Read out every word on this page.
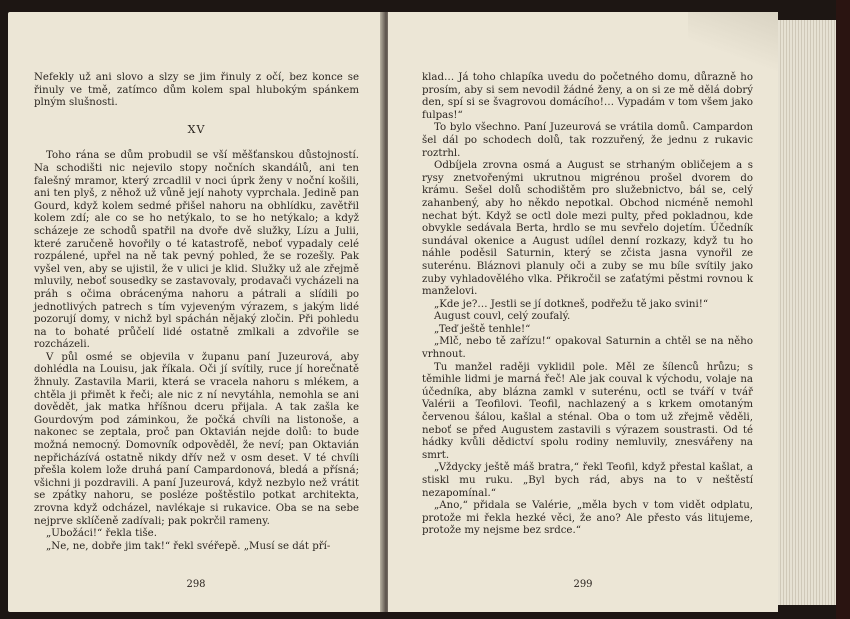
Nefekly už ani slovo a slzy se jim řinuly z očí, bez konce se řinuly ve tmě, zatímco dům kolem spal hlubokým spánkem plným slušnosti.

XV

Toho rána se dům probudil se vší měšťanskou důstojností. Na schodišti nic nejevilo stopy nočních skandálů, ani ten falešný mramor, který zrcadlil v noci úprk ženy v noční košili, ani ten plyš, z něhož už vůně její nahoty vyprchala. Jedině pan Gourd, když kolem sedmé přišel nahoru na obhlídku, zavětřil kolem zdí; ale co se ho netýkalo, to se ho netýkalo; a když scházeje ze schodů spatřil na dvoře dvě služky, Lízu a Julii, které zaručeně hovořily o té katastrofě, neboť vypadaly celé rozpálené, upřel na ně tak pevný pohled, že se rozešly. Pak vyšel ven, aby se ujistil, že v ulici je klid. Služky už ale zřejmě mluvily, neboť sousedky se zastavovaly, prodavači vycházeli na práh s očima obrácenýma nahoru a pátrali a slídili po jednotlivých patrech s tím vyjeveným výrazem, s jakým lidé pozorují domy, v nichž byl spáchán nějaký zločin. Při pohledu na to bohaté průčelí lidé ostatně zmlkali a zdvořile se rozcházeli.

V půl osmé se objevila v županu paní Juzeurová, aby dohlédla na Louisu, jak říkala. Oči jí svítily, ruce jí horečnatě žhnuly. Zastavila Marii, která se vracela nahoru s mlékem, a chtěla ji přimět k řeči; ale nic z ní nevytáhla, nemohla se ani dovědět, jak matka hříšnou dceru přijala. A tak zašla ke Gourdovým pod záminkou, že počká chvíli na listonoše, a nakonec se zeptala, proč pan Oktavián nejde dolů: to bude možná nemocný. Domovník odpověděl, že neví; pan Oktavián nepřicházívá ostatně nikdy dřív než v osm deset. V té chvíli přešla kolem lože druhá paní Campardonová, bledá a přísná; všichni ji pozdravili. A paní Juzeurová, když nezbylo než vrátit se zpátky nahoru, se posléze poštěstilo potkat architekta, zrovna když odcházel, navlékaje si rukavice. Oba se na sebe nejprve sklíčeně zadívali; pak pokrčil rameny.

„Ubožáci!“ řekla tiše.

„Ne, ne, dobře jim tak!“ řekl svéřepě. „Musí se dát pří-

298

klad… Já toho chlapíka uvedu do početného domu, důrazně ho prosím, aby si sem nevodil žádné ženy, a on si ze mě dělá dobrý den, spí si se švagrovou domácího!… Vypadám v tom všem jako fulpas!“

To bylo všechno. Paní Juzeurová se vrátila domů. Campardon šel dál po schodech dolů, tak rozzuřený, že jednu z rukavic roztrhl.

Odbíjela zrovna osmá a August se strhaným obličejem a s rysy znetvořenými ukrutnou migrénou prošel dvorem do krámu. Sešel dolů schodištěm pro služebnictvo, bál se, celý zahanbený, aby ho někdo nepotkal. Obchod nicméně nemohl nechat být. Když se octl dole mezi pulty, před pokladnou, kde obvykle sedávala Berta, hrdlo se mu sevřelo dojetím. Účedník sundával okenice a August udílel denní rozkazy, když tu ho náhle poděsil Saturnin, který se zčista jasna vynořil ze suterénu. Bláznovi planuly oči a zuby se mu bíle svítily jako zuby vyhladovělého vlka. Přikročil se zaťatými pěstmi rovnou k manželovi.

„Kde je?… Jestli se jí dotkneš, podřežu tě jako svini!“

August couvl, celý zoufalý.

„Teď ještě tenhle!“

„Mlč, nebo tě zařízu!“ opakoval Saturnin a chtěl se na něho vrhnout.

Tu manžel raději vyklidil pole. Měl ze šílenců hrůzu; s těmihle lidmi je marná řeč! Ale jak couval k východu, volaje na účedníka, aby blázna zamkl v suterénu, octl se tváří v tvář Valérii a Teofilovi. Teofil, nachlazený a s krkem omotaným červenou šálou, kašlal a sténal. Oba o tom už zřejmě věděli, neboť se před Augustem zastavili s výrazem soustrasti. Od té hádky kvůli dědictví spolu rodiny nemluvily, znesvářeny na smrt.

„Vždycky ještě máš bratra,“ řekl Teofil, když přestal kašlat, a stiskl mu ruku. „Byl bych rád, abys na to v neštěstí nezapomínal.“

„Ano,“ přidala se Valérie, „měla bych v tom vidět odplatu, protože mi řekla hezké věci, že ano? Ale přesto vás litujeme, protože my nejsme bez srdce.“

299
